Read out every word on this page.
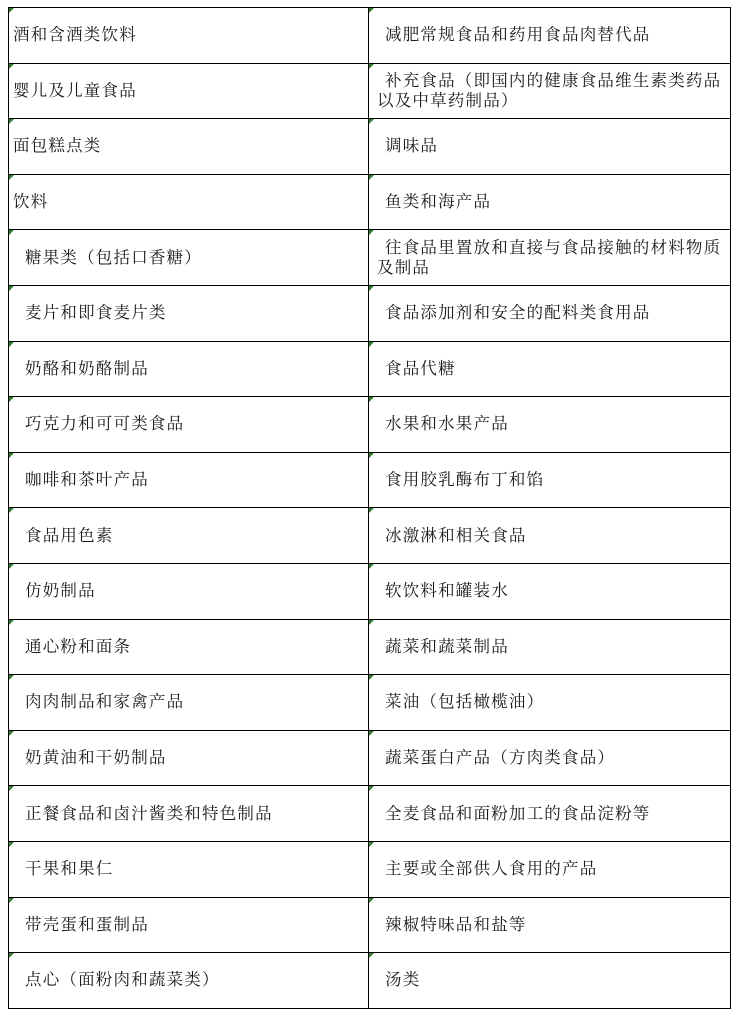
酒和含酒类饮料	减肥常规食品和药用食品肉替代品

婴儿及儿童食品	补充食品（即国内的健康食品维生素类药品以及中草药制品）

面包糕点类	调味品

饮料	鱼类和海产品

糖果类（包括口香糖）	往食品里置放和直接与食品接触的材料物质及制品

麦片和即食麦片类	食品添加剂和安全的配料类食用品

奶酪和奶酪制品	食品代糖

巧克力和可可类食品	水果和水果产品

咖啡和茶叶产品	食用胶乳酶布丁和馅

食品用色素	冰激淋和相关食品

仿奶制品	软饮料和罐装水

通心粉和面条	蔬菜和蔬菜制品

肉肉制品和家禽产品	菜油（包括橄榄油）

奶黄油和干奶制品	蔬菜蛋白产品（方肉类食品）

正餐食品和卤汁酱类和特色制品	全麦食品和面粉加工的食品淀粉等

干果和果仁	主要或全部供人食用的产品

带壳蛋和蛋制品	辣椒特味品和盐等

点心（面粉肉和蔬菜类）	汤类
